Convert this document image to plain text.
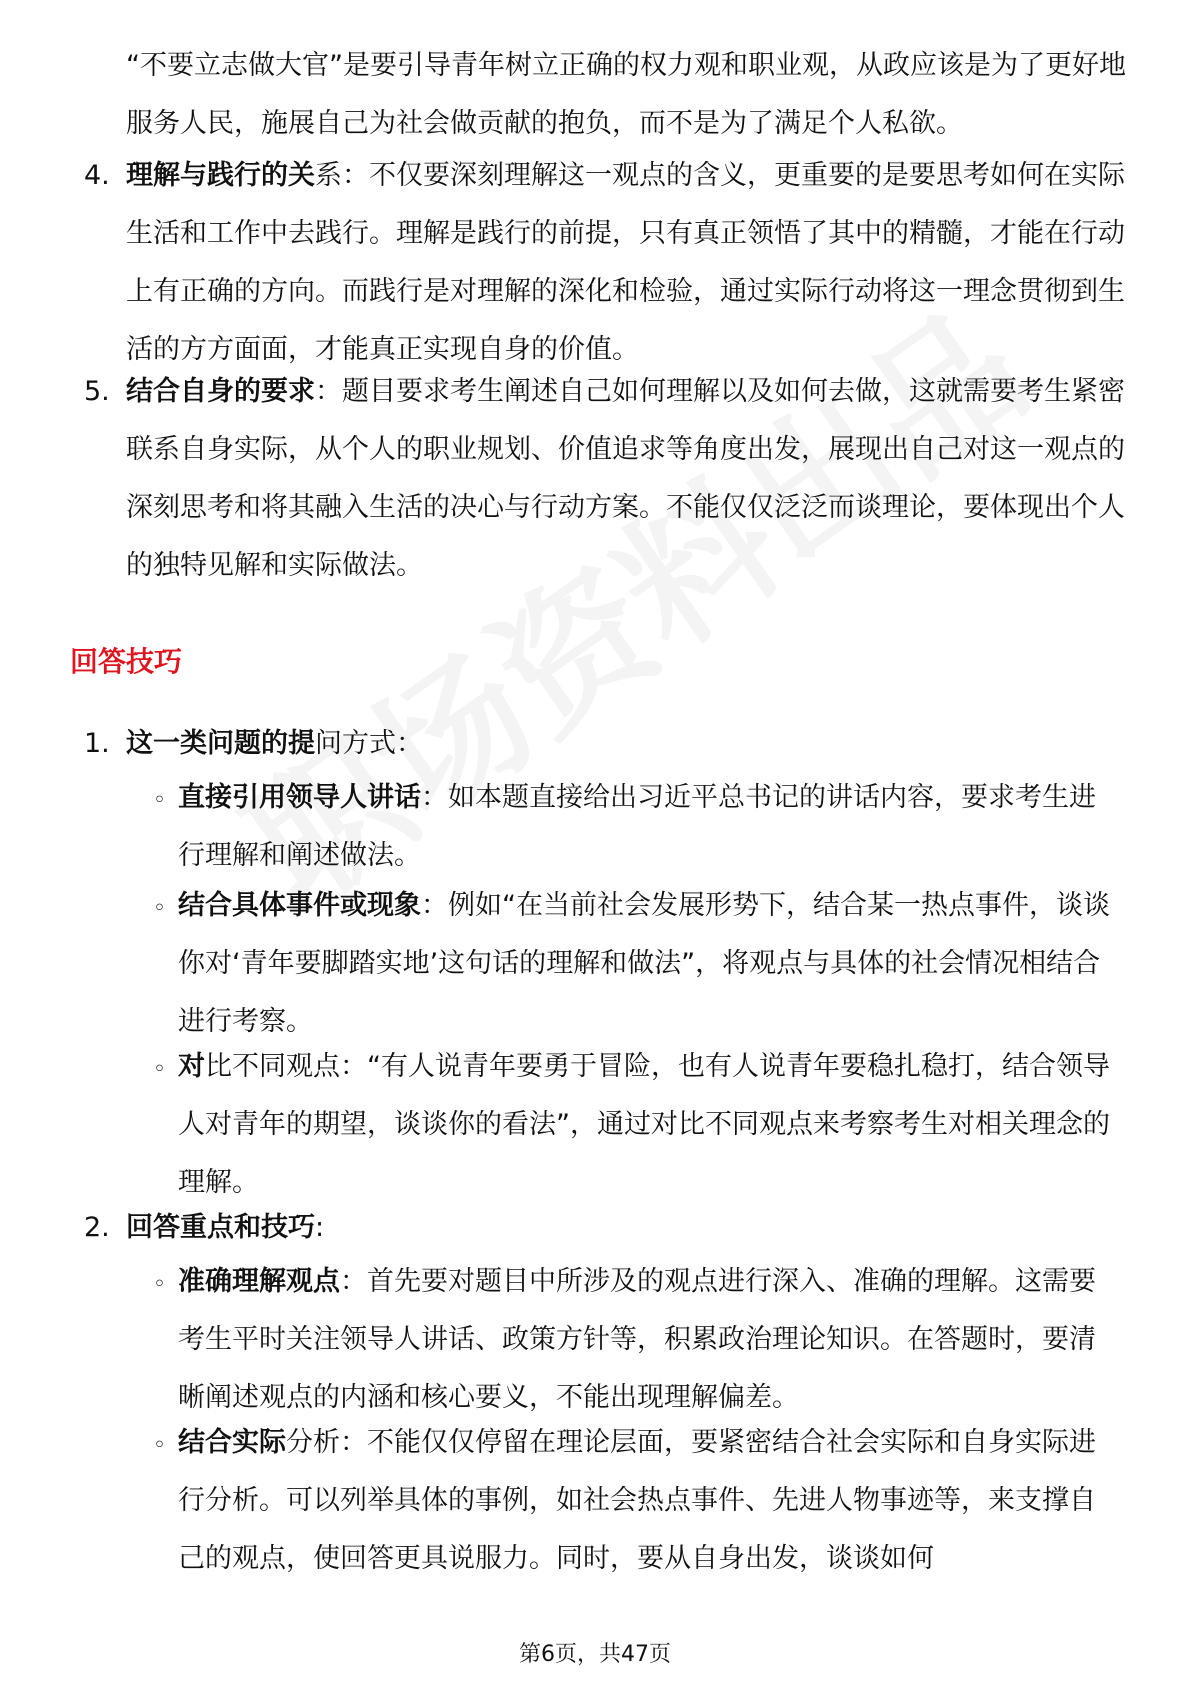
“不要立志做大官”是要引导青年树立正确的权力观和职业观，从政应该是为了更好地服务人民，施展自己为社会做贡献的抱负，而不是为了满足个人私欲。

4. 理解与践行的关系：不仅要深刻理解这一观点的含义，更重要的是要思考如何在实际生活和工作中去践行。理解是践行的前提，只有真正领悟了其中的精髓，才能在行动上有正确的方向。而践行是对理解的深化和检验，通过实际行动将这一理念贯彻到生活的方方面面，才能真正实现自身的价值。

5. 结合自身的要求：题目要求考生阐述自己如何理解以及如何去做，这就需要考生紧密联系自身实际，从个人的职业规划、价值追求等角度出发，展现出自己对这一观点的深刻思考和将其融入生活的决心与行动方案。不能仅仅泛泛而谈理论，要体现出个人的独特见解和实际做法。

回答技巧
1. 这一类问题的提问方式：

◦ 直接引用领导人讲话：如本题直接给出习近平总书记的讲话内容，要求考生进行理解和阐述做法。

◦ 结合具体事件或现象：例如“在当前社会发展形势下，结合某一热点事件，谈谈你对‘青年要脚踏实地’这句话的理解和做法”，将观点与具体的社会情况相结合进行考察。

◦ 对比不同观点：“有人说青年要勇于冒险，也有人说青年要稳扎稳打，结合领导人对青年的期望，谈谈你的看法”，通过对比不同观点来考察考生对相关理念的理解。

2. 回答重点和技巧:

◦ 准确理解观点：首先要对题目中所涉及的观点进行深入、准确的理解。这需要考生平时关注领导人讲话、政策方针等，积累政治理论知识。在答题时，要清晰阐述观点的内涵和核心要义，不能出现理解偏差。

◦ 结合实际分析：不能仅仅停留在理论层面，要紧密结合社会实际和自身实际进行分析。可以列举具体的事例，如社会热点事件、先进人物事迹等，来支撑自己的观点，使回答更具说服力。同时，要从自身出发，谈谈如何

第6页，共47页
